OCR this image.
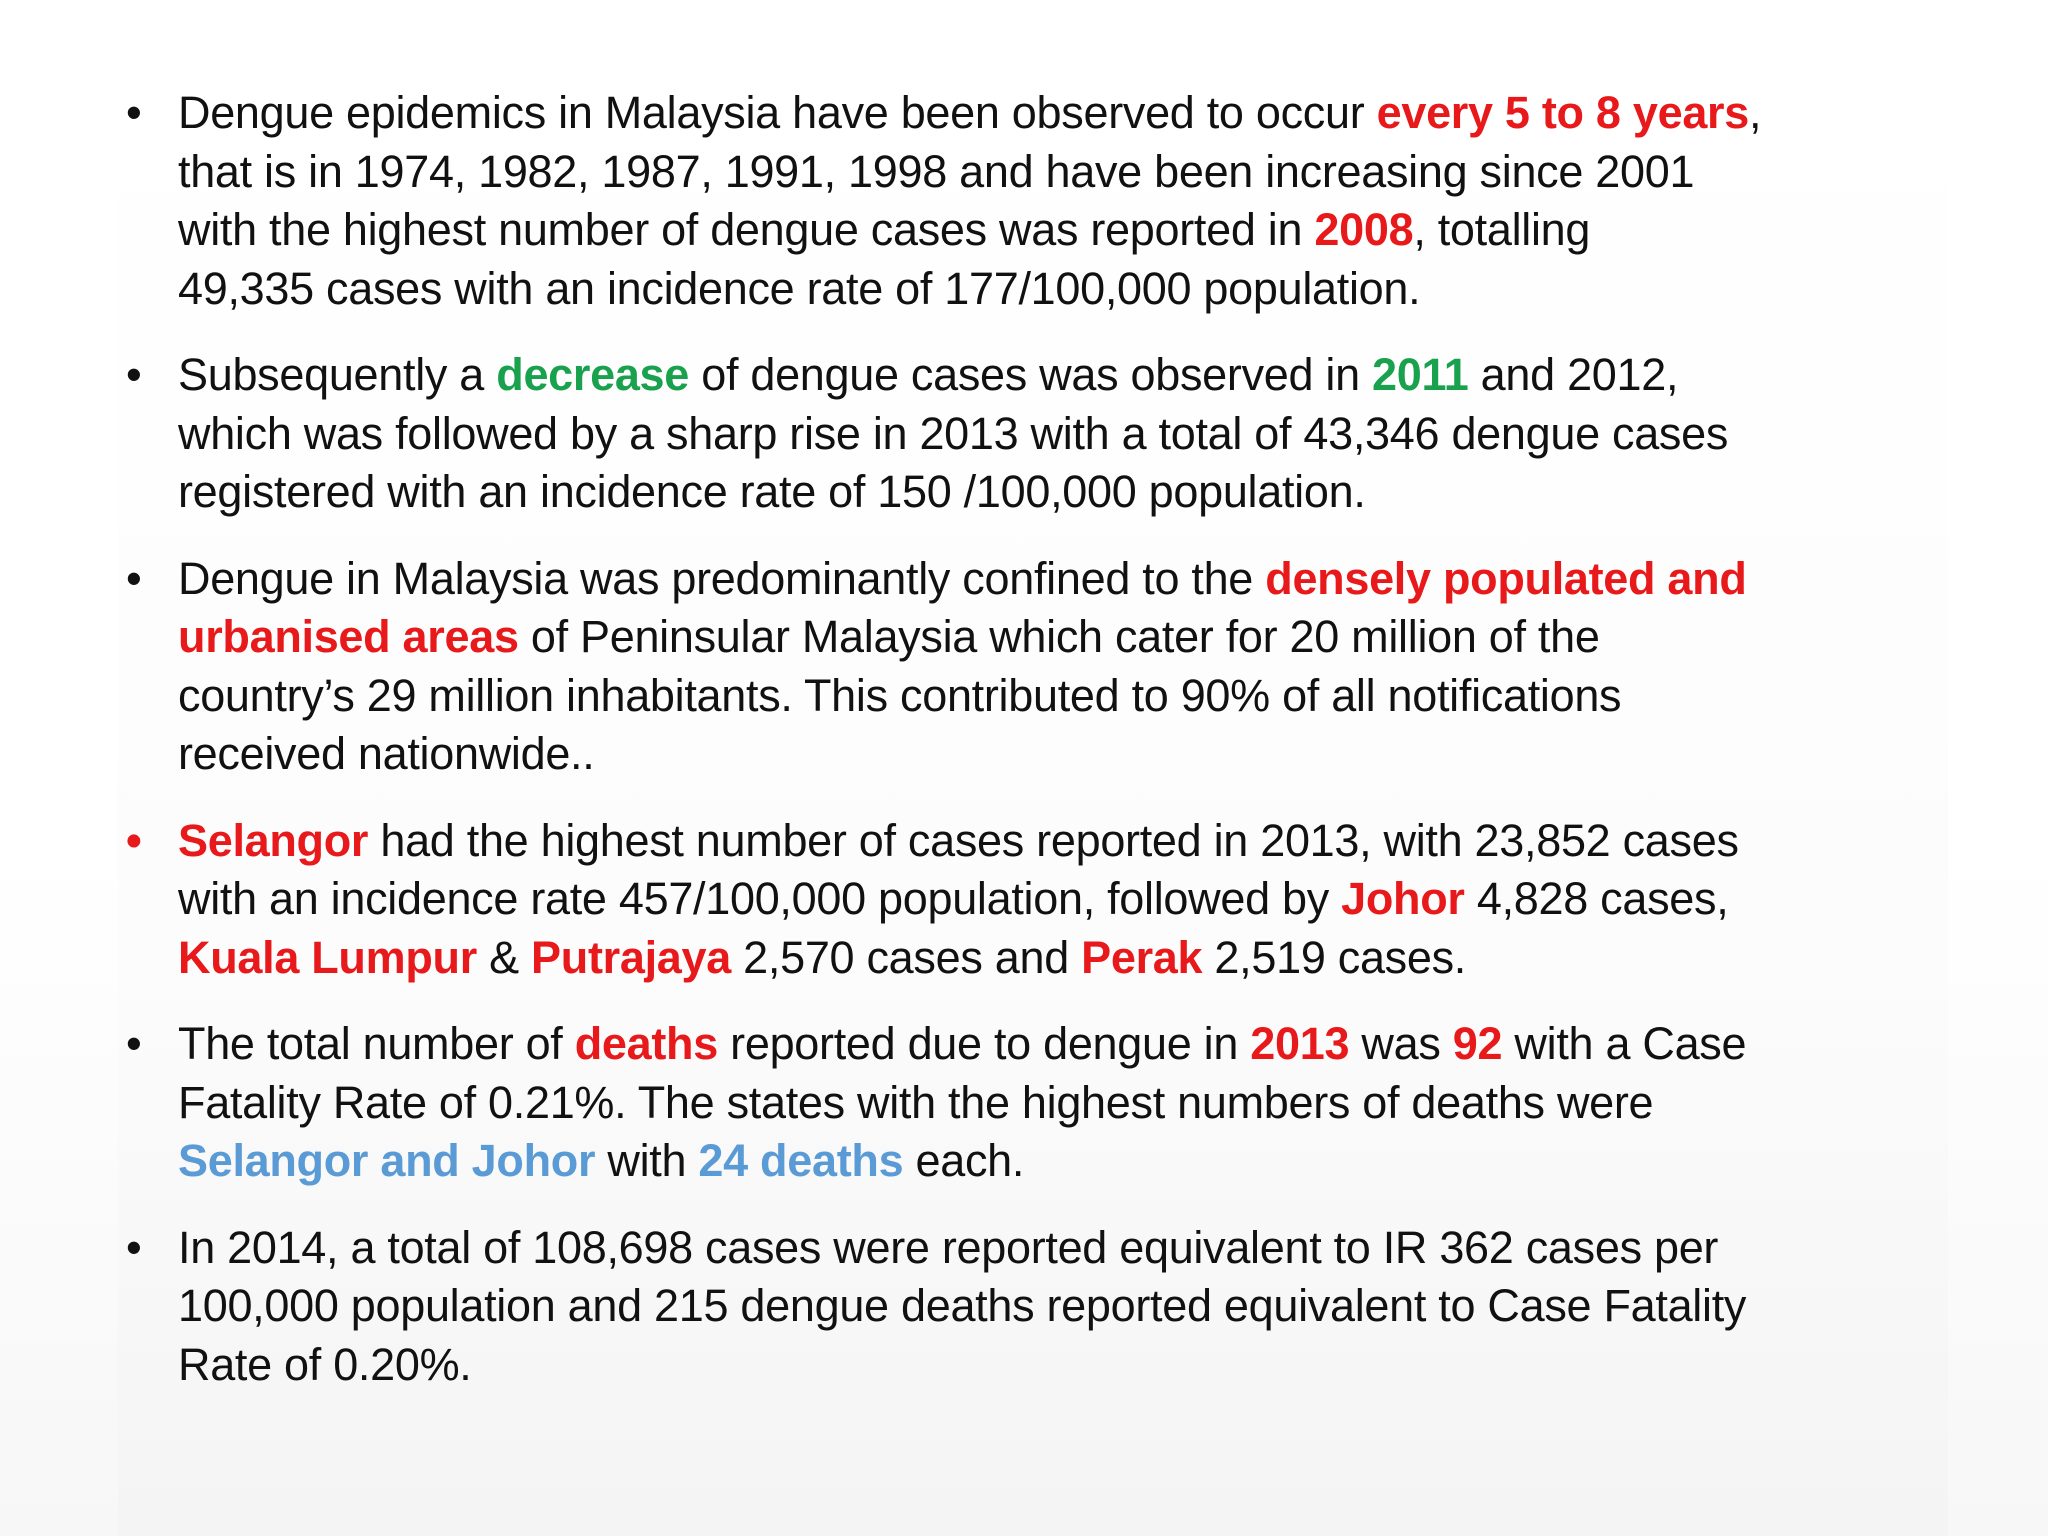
• Dengue epidemics in Malaysia have been observed to occur every 5 to 8 years,
that is in 1974, 1982, 1987, 1991, 1998 and have been increasing since 2001
with the highest number of dengue cases was reported in 2008, totalling
49,335 cases with an incidence rate of 177/100,000 population.
• Subsequently a decrease of dengue cases was observed in 2011 and 2012,
which was followed by a sharp rise in 2013 with a total of 43,346 dengue cases
registered with an incidence rate of 150 /100,000 population.
• Dengue in Malaysia was predominantly confined to the densely populated and
urbanised areas of Peninsular Malaysia which cater for 20 million of the
country’s 29 million inhabitants. This contributed to 90% of all notifications
received nationwide..
• Selangor had the highest number of cases reported in 2013, with 23,852 cases
with an incidence rate 457/100,000 population, followed by Johor 4,828 cases,
Kuala Lumpur & Putrajaya 2,570 cases and Perak 2,519 cases.
• The total number of deaths reported due to dengue in 2013 was 92 with a Case
Fatality Rate of 0.21%. The states with the highest numbers of deaths were
Selangor and Johor with 24 deaths each.
• In 2014, a total of 108,698 cases were reported equivalent to IR 362 cases per
100,000 population and 215 dengue deaths reported equivalent to Case Fatality
Rate of 0.20%.
